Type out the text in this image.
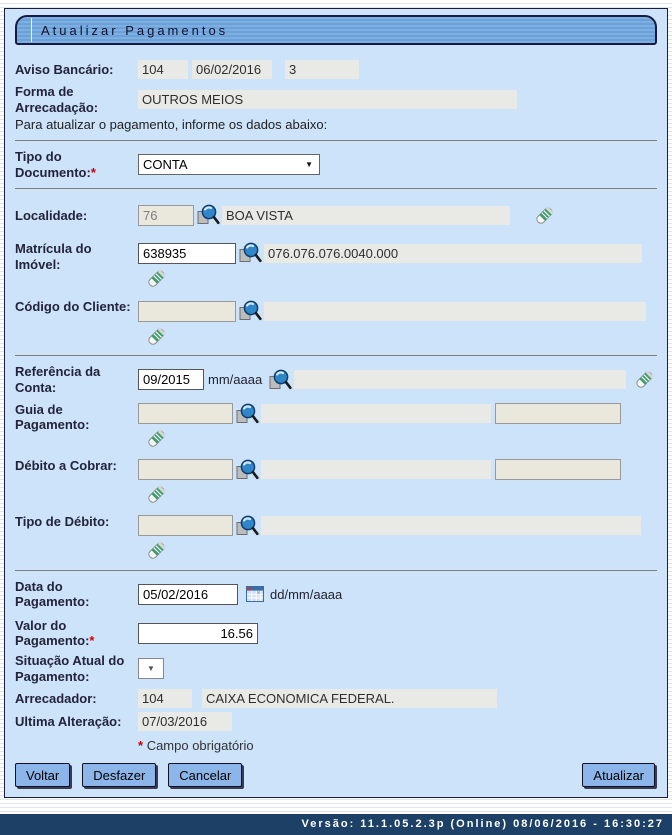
Atualizar Pagamentos
Aviso Bancário:	104	06/02/2016	3
Forma de Arrecadação:	OUTROS MEIOS
Para atualizar o pagamento, informe os dados abaixo:
Tipo do Documento:*	CONTA	▼
Localidade:
76	BOA VISTA
Matrícula do Imóvel:
638935
076.076.076.0040.000
Código do Cliente:
Referência da Conta:
09/2015	mm/aaaa
Guia de Pagamento:
Débito a Cobrar:
Tipo de Débito:
Data do Pagamento:
05/02/2016	dd/mm/aaaa
Valor do Pagamento:*
16.56
Situação Atual do Pagamento:	▼
Arrecadador:	104	CAIXA ECONOMICA FEDERAL.
Ultima Alteração:	07/03/2016
* Campo obrigatório
Voltar	Desfazer	Cancelar	Atualizar
Versão: 11.1.05.2.3p (Online) 08/06/2016 - 16:30:27
